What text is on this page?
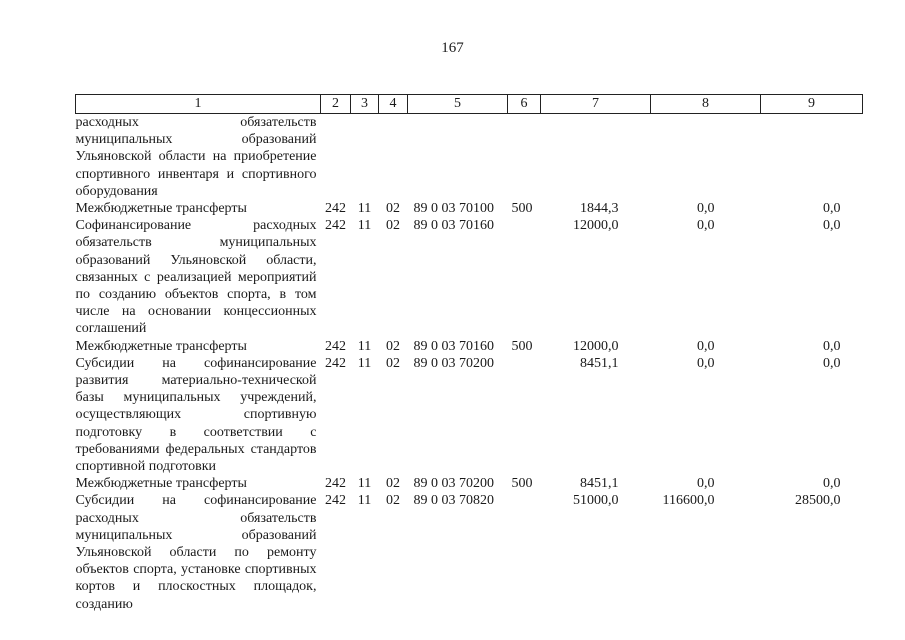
167
1	2	3	4	5	6	7	8	9
расходных обязательств муниципальных образований Ульяновской области на приобретение спортивного инвентаря и спортивного оборудования								
Межбюджетные трансферты	242	11	02	89 0 03 70100	500	1844,3	0,0	0,0
Софинансирование расходных обязательств муниципальных образований Ульяновской области, связанных с реализацией мероприятий по созданию объектов спорта, в том числе на основании концессионных соглашений	242	11	02	89 0 03 70160		12000,0	0,0	0,0
Межбюджетные трансферты	242	11	02	89 0 03 70160	500	12000,0	0,0	0,0
Субсидии на софинансирование развития материально-технической базы муниципальных учреждений, осуществляющих спортивную подготовку в соответствии с требованиями федеральных стандартов спортивной подготовки	242	11	02	89 0 03 70200		8451,1	0,0	0,0
Межбюджетные трансферты	242	11	02	89 0 03 70200	500	8451,1	0,0	0,0
Субсидии на софинансирование расходных обязательств муниципальных образований Ульяновской области по ремонту объектов спорта, установке спортивных кортов и плоскостных площадок, созданию	242	11	02	89 0 03 70820		51000,0	116600,0	28500,0
